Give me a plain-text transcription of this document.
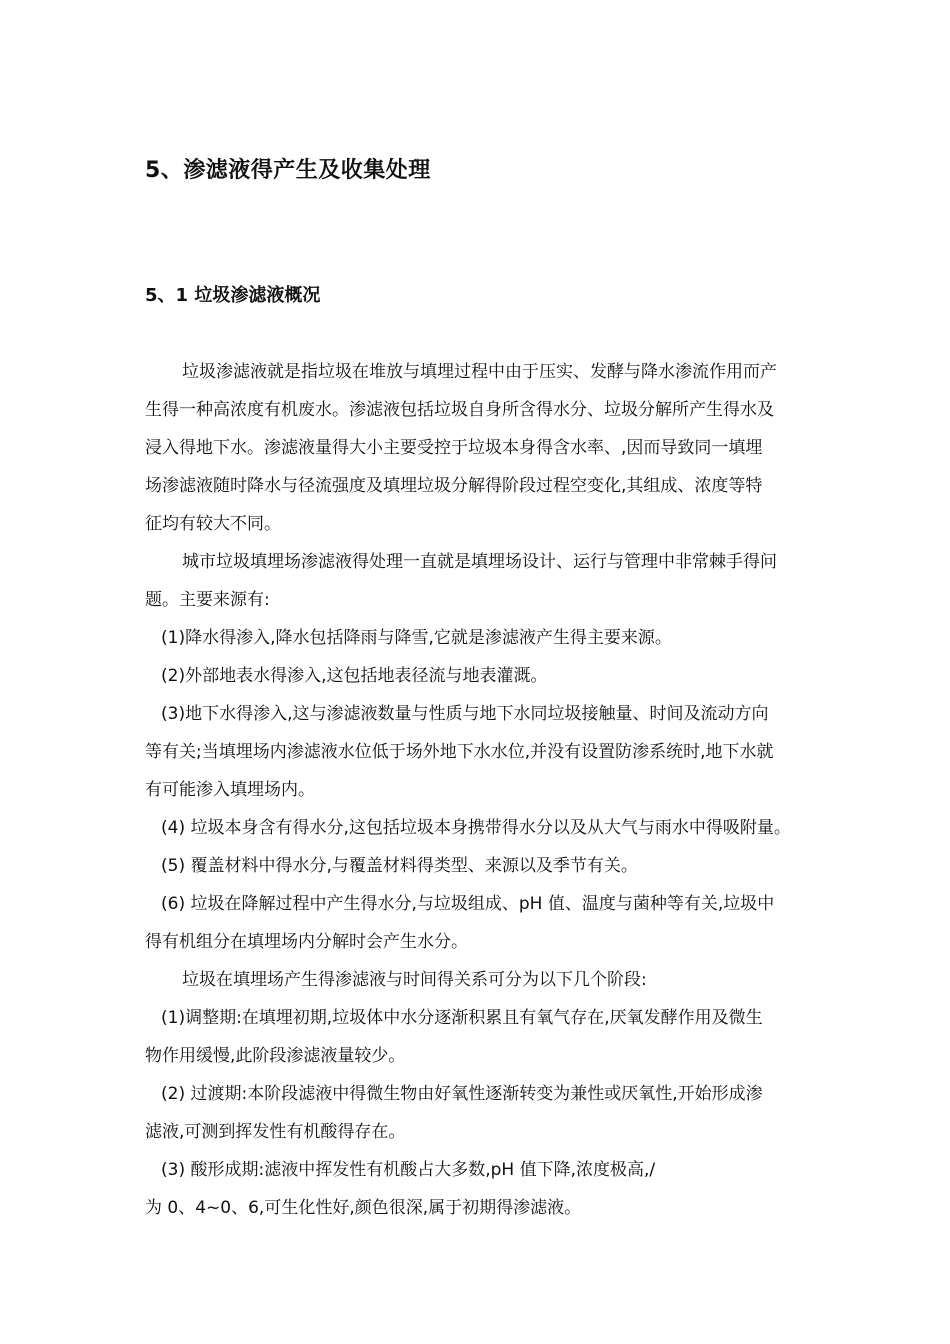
5、渗滤液得产生及收集处理
5、1 垃圾渗滤液概况
垃圾渗滤液就是指垃圾在堆放与填埋过程中由于压实、发酵与降水渗流作用而产
生得一种高浓度有机废水。渗滤液包括垃圾自身所含得水分、垃圾分解所产生得水及
浸入得地下水。渗滤液量得大小主要受控于垃圾本身得含水率、,因而导致同一填埋
场渗滤液随时降水与径流强度及填埋垃圾分解得阶段过程空变化,其组成、浓度等特
征均有较大不同。
城市垃圾填埋场渗滤液得处理一直就是填埋场设计、运行与管理中非常棘手得问
题。主要来源有:
(1)降水得渗入,降水包括降雨与降雪,它就是渗滤液产生得主要来源。
(2)外部地表水得渗入,这包括地表径流与地表灌溉。
(3)地下水得渗入,这与渗滤液数量与性质与地下水同垃圾接触量、时间及流动方向
等有关;当填埋场内渗滤液水位低于场外地下水水位,并没有设置防渗系统时,地下水就
有可能渗入填埋场内。
(4) 垃圾本身含有得水分,这包括垃圾本身携带得水分以及从大气与雨水中得吸附量。
(5) 覆盖材料中得水分,与覆盖材料得类型、来源以及季节有关。
(6) 垃圾在降解过程中产生得水分,与垃圾组成、pH 值、温度与菌种等有关,垃圾中
得有机组分在填埋场内分解时会产生水分。
垃圾在填埋场产生得渗滤液与时间得关系可分为以下几个阶段:
(1)调整期:在填埋初期,垃圾体中水分逐渐积累且有氧气存在,厌氧发酵作用及微生
物作用缓慢,此阶段渗滤液量较少。
(2) 过渡期:本阶段滤液中得微生物由好氧性逐渐转变为兼性或厌氧性,开始形成渗
滤液,可测到挥发性有机酸得存在。
(3) 酸形成期:滤液中挥发性有机酸占大多数,pH 值下降,浓度极高,/
为 0、4~0、6,可生化性好,颜色很深,属于初期得渗滤液。
